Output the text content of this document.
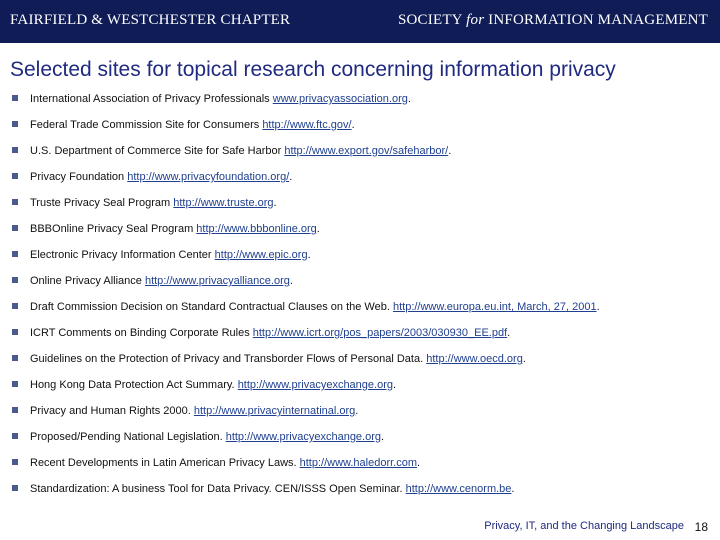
FAIRFIELD & WESTCHESTER CHAPTER	SOCIETY for INFORMATION MANAGEMENT
Selected sites for topical research concerning information privacy
International Association of Privacy Professionals www.privacyassociation.org.
Federal Trade Commission Site for Consumers http://www.ftc.gov/.
U.S. Department of Commerce Site for Safe Harbor http://www.export.gov/safeharbor/.
Privacy Foundation http://www.privacyfoundation.org/.
Truste Privacy Seal Program http://www.truste.org.
BBBOnline Privacy Seal Program http://www.bbbonline.org.
Electronic Privacy Information Center http://www.epic.org.
Online Privacy Alliance http://www.privacyalliance.org.
Draft Commission Decision on Standard Contractual Clauses on the Web. http://www.europa.eu.int, March, 27, 2001.
ICRT Comments on Binding Corporate Rules http://www.icrt.org/pos_papers/2003/030930_EE.pdf.
Guidelines on the Protection of Privacy and Transborder Flows of Personal Data. http://www.oecd.org.
Hong Kong Data Protection Act Summary. http://www.privacyexchange.org.
Privacy and Human Rights 2000. http://www.privacyinternatinal.org.
Proposed/Pending National Legislation. http://www.privacyexchange.org.
Recent Developments in Latin American Privacy Laws. http://www.haledorr.com.
Standardization: A business Tool for Data Privacy. CEN/ISSS Open Seminar. http://www.cenorm.be.
Privacy, IT, and the Changing Landscape 18
